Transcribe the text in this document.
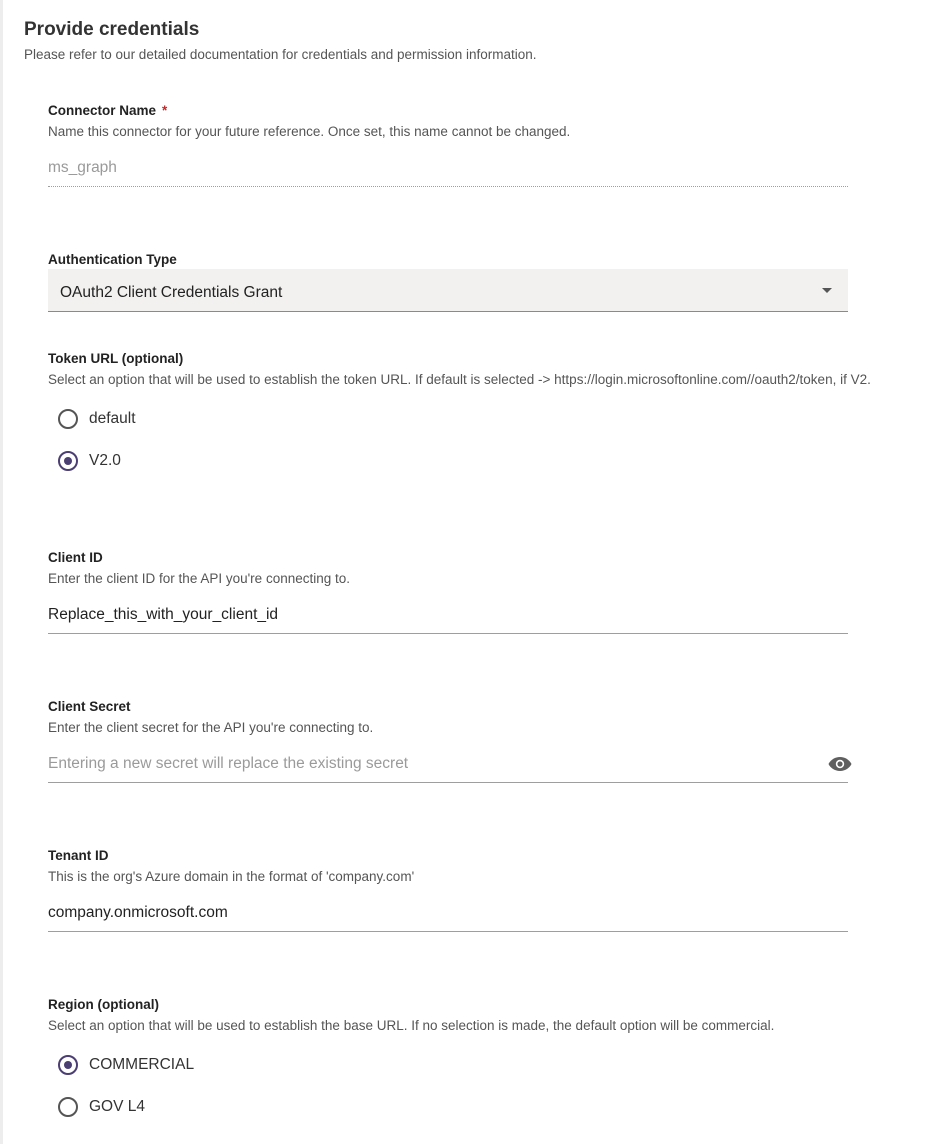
Provide credentials
Please refer to our detailed documentation for credentials and permission information.
Connector Name *
Name this connector for your future reference. Once set, this name cannot be changed.
ms_graph
Authentication Type
OAuth2 Client Credentials Grant
Token URL (optional)
Select an option that will be used to establish the token URL. If default is selected -> https://login.microsoftonline.com//oauth2/token, if V2.
default
V2.0
Client ID
Enter the client ID for the API you're connecting to.
Replace_this_with_your_client_id
Client Secret
Enter the client secret for the API you're connecting to.
Tenant ID
This is the org's Azure domain in the format of 'company.com'
company.onmicrosoft.com
Region (optional)
Select an option that will be used to establish the base URL. If no selection is made, the default option will be commercial.
COMMERCIAL
GOV L4
